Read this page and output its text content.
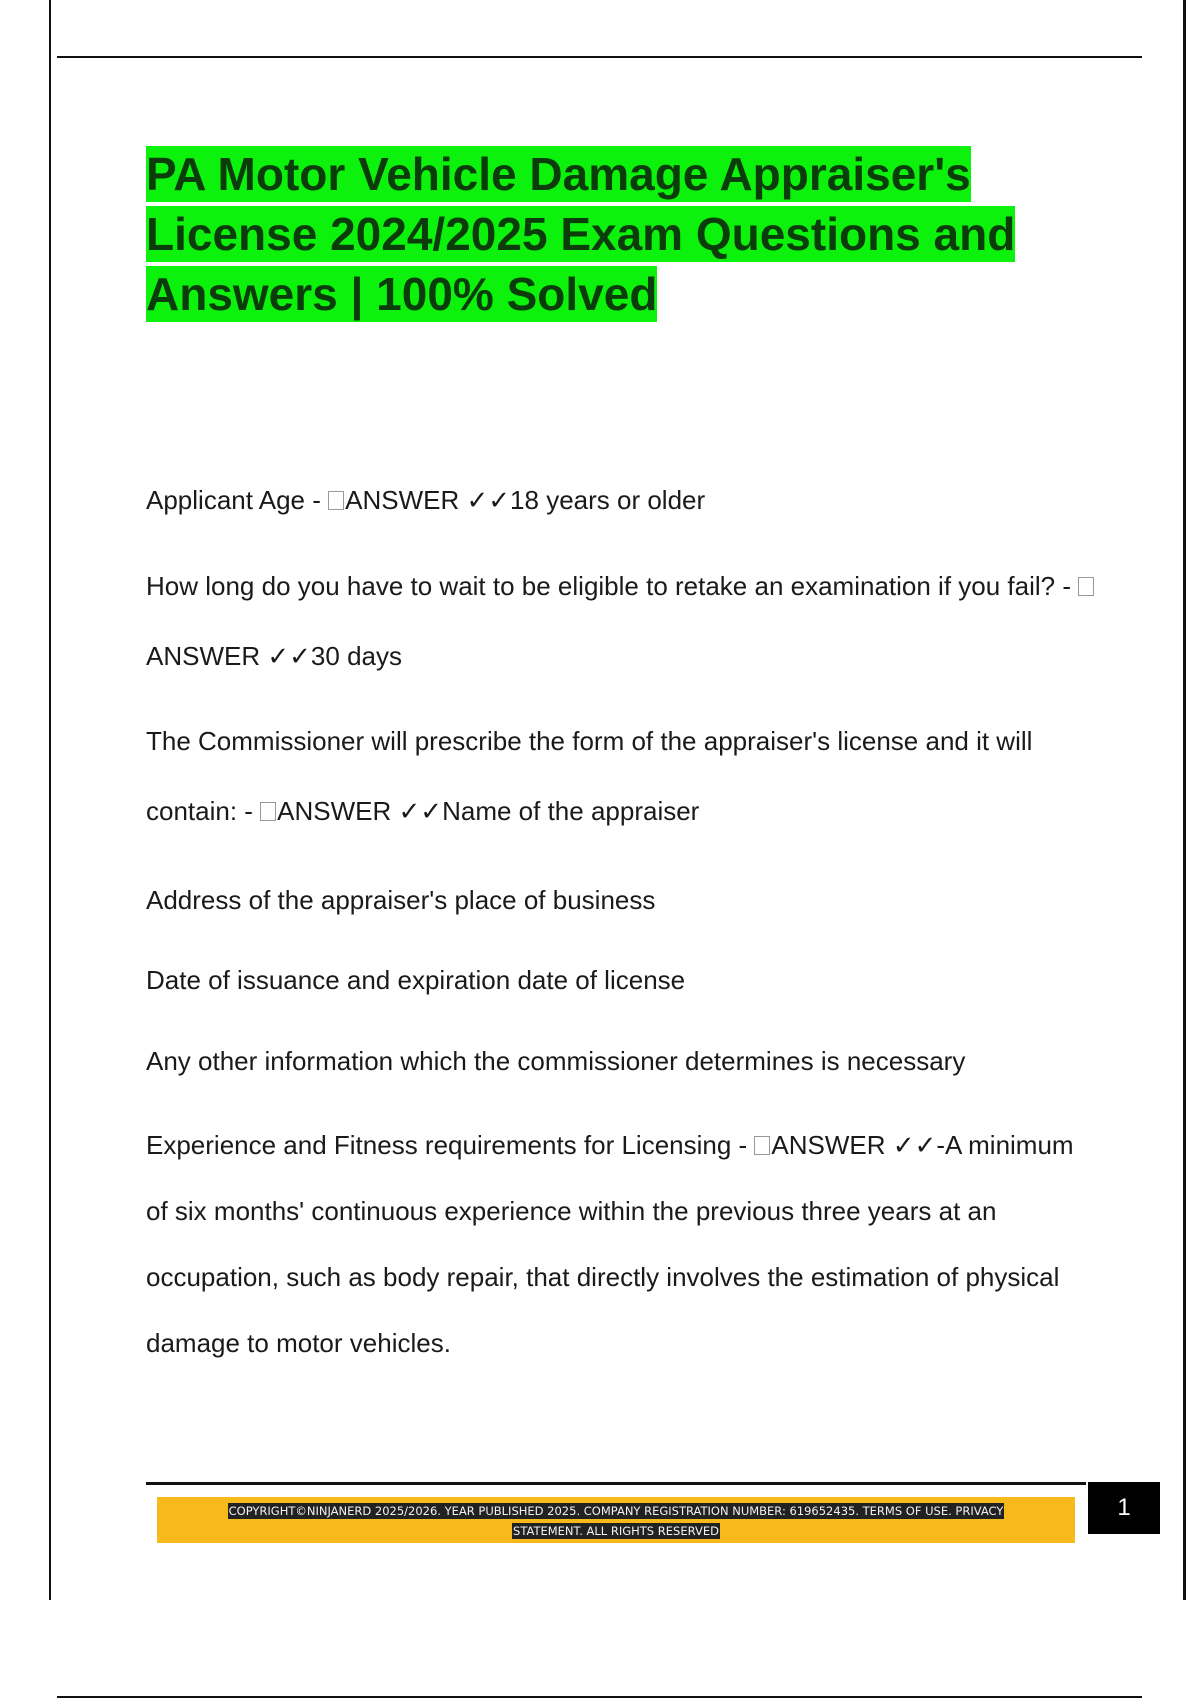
PA Motor Vehicle Damage Appraiser's License 2024/2025 Exam Questions and Answers | 100% Solved

Applicant Age - ANSWER ✓✓18 years or older

How long do you have to wait to be eligible to retake an examination if you fail? - ANSWER ✓✓30 days

The Commissioner will prescribe the form of the appraiser's license and it will contain: - ANSWER ✓✓Name of the appraiser

Address of the appraiser's place of business

Date of issuance and expiration date of license

Any other information which the commissioner determines is necessary

Experience and Fitness requirements for Licensing - ANSWER ✓✓-A minimum of six months' continuous experience within the previous three years at an occupation, such as body repair, that directly involves the estimation of physical damage to motor vehicles.

COPYRIGHT©NINJANERD 2025/2026. YEAR PUBLISHED 2025. COMPANY REGISTRATION NUMBER: 619652435. TERMS OF USE. PRIVACY
STATEMENT. ALL RIGHTS RESERVED
1
